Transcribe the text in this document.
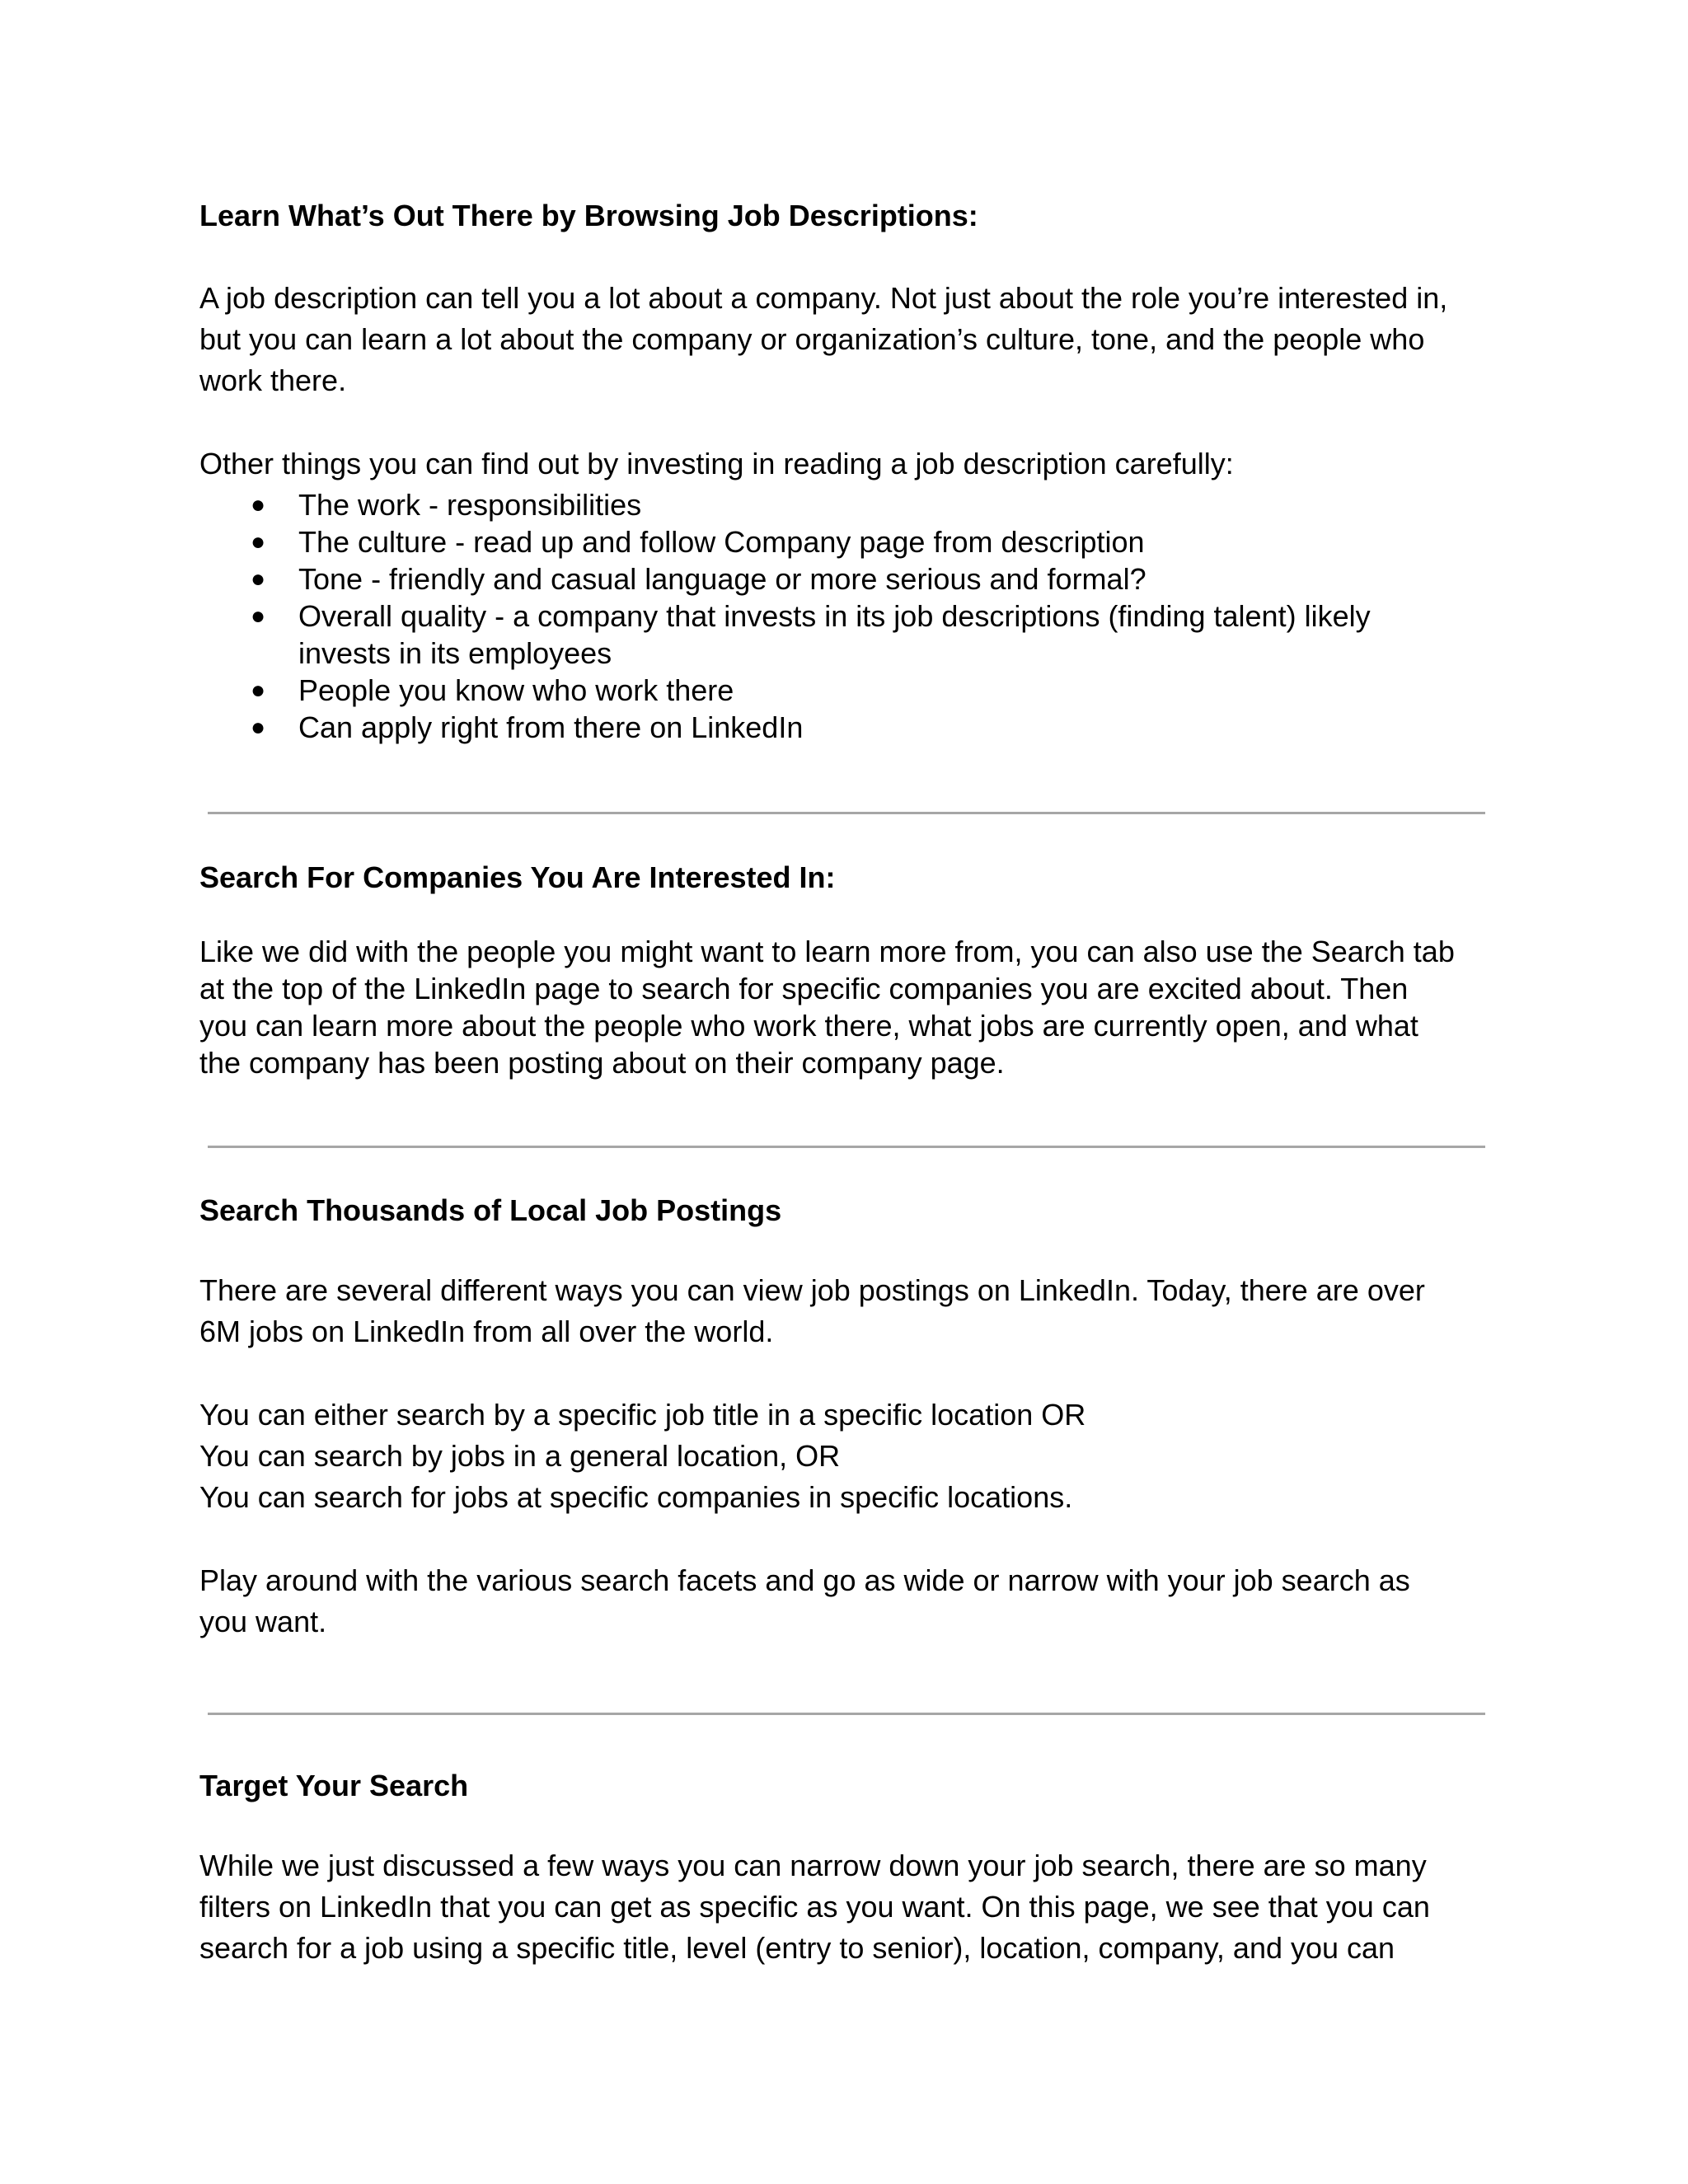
Learn What’s Out There by Browsing Job Descriptions:
A job description can tell you a lot about a company. Not just about the role you’re interested in,
but you can learn a lot about the company or organization’s culture, tone, and the people who
work there.
Other things you can find out by investing in reading a job description carefully:
● The work - responsibilities
● The culture - read up and follow Company page from description
● Tone - friendly and casual language or more serious and formal?
● Overall quality - a company that invests in its job descriptions (finding talent) likely
invests in its employees
● People you know who work there
● Can apply right from there on LinkedIn
Search For Companies You Are Interested In:
Like we did with the people you might want to learn more from, you can also use the Search tab
at the top of the LinkedIn page to search for specific companies you are excited about. Then
you can learn more about the people who work there, what jobs are currently open, and what
the company has been posting about on their company page.
Search Thousands of Local Job Postings
There are several different ways you can view job postings on LinkedIn. Today, there are over
6M jobs on LinkedIn from all over the world.
You can either search by a specific job title in a specific location OR
You can search by jobs in a general location, OR
You can search for jobs at specific companies in specific locations.
Play around with the various search facets and go as wide or narrow with your job search as
you want.
Target Your Search
While we just discussed a few ways you can narrow down your job search, there are so many
filters on LinkedIn that you can get as specific as you want. On this page, we see that you can
search for a job using a specific title, level (entry to senior), location, company, and you can
